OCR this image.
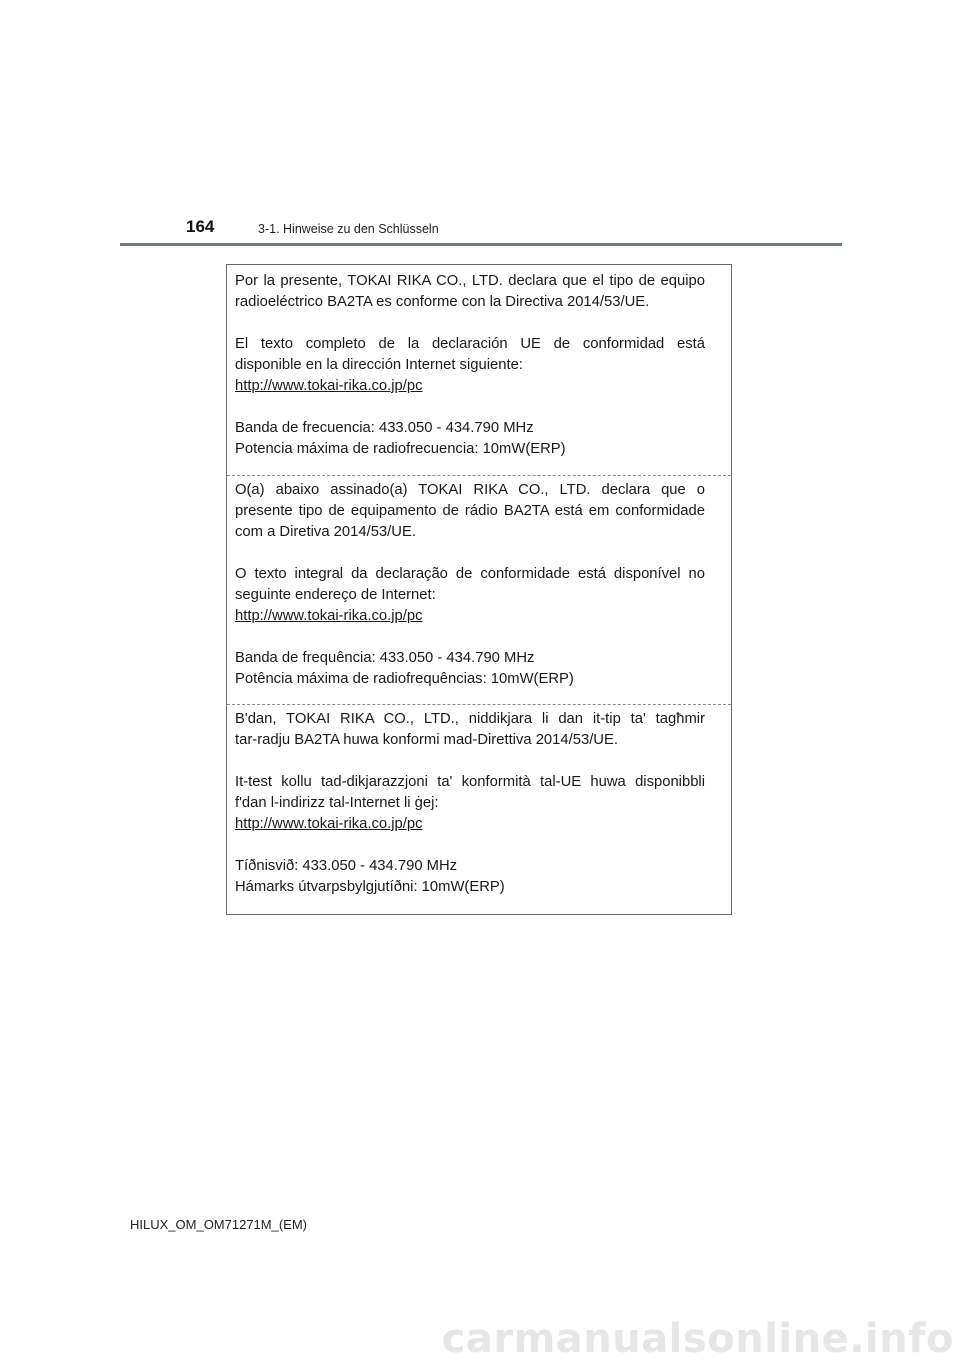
164	3-1. Hinweise zu den Schlüsseln
Por la presente, TOKAI RIKA CO., LTD. declara que el tipo de equipo
radioeléctrico BA2TA es conforme con la Directiva 2014/53/UE.
El texto completo de la declaración UE de conformidad está
disponible en la dirección Internet siguiente:
http://www.tokai-rika.co.jp/pc
Banda de frecuencia: 433.050 - 434.790 MHz
Potencia máxima de radiofrecuencia: 10mW(ERP)
O(a) abaixo assinado(a) TOKAI RIKA CO., LTD. declara que o
presente tipo de equipamento de rádio BA2TA está em conformidade
com a Diretiva 2014/53/UE.
O texto integral da declaração de conformidade está disponível no
seguinte endereço de Internet:
http://www.tokai-rika.co.jp/pc
Banda de frequência: 433.050 - 434.790 MHz
Potência máxima de radiofrequências: 10mW(ERP)
B'dan, TOKAI RIKA CO., LTD., niddikjara li dan it-tip ta' tagħmir
tar-radju BA2TA huwa konformi mad-Direttiva 2014/53/UE.
It-test kollu tad-dikjarazzjoni ta' konformità tal-UE huwa disponibbli
f'dan l-indirizz tal-Internet li ġej:
http://www.tokai-rika.co.jp/pc
Tíðnisvið: 433.050 - 434.790 MHz
Hámarks útvarpsbylgjutíðni: 10mW(ERP)
HILUX_OM_OM71271M_(EM)
carmanualsonline.info
